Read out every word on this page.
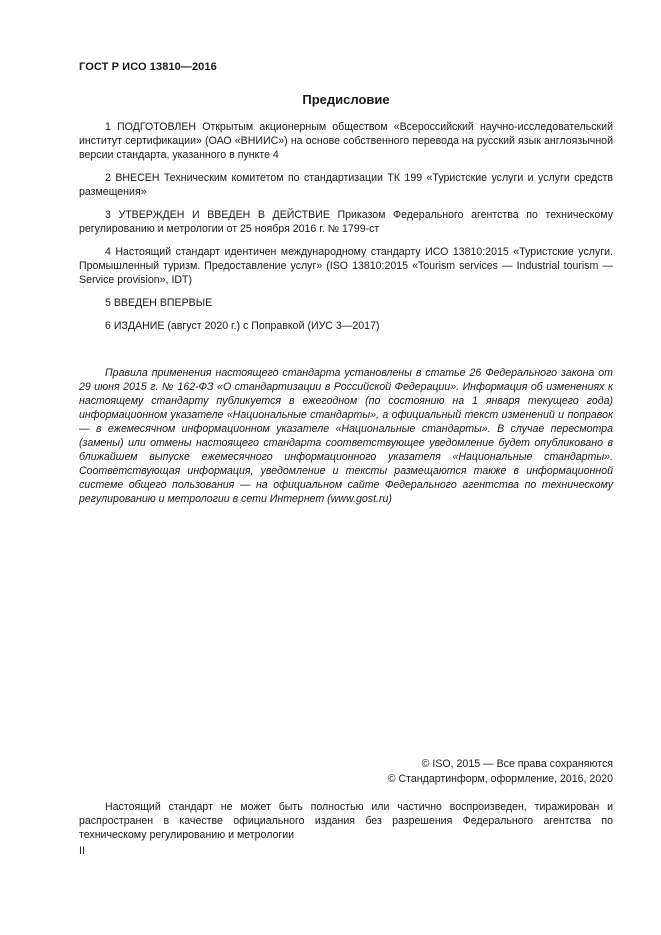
ГОСТ Р ИСО 13810—2016
Предисловие

1 ПОДГОТОВЛЕН Открытым акционерным обществом «Всероссийский научно-исследовательский институт сертификации» (ОАО «ВНИИС») на основе собственного перевода на русский язык англоязычной версии стандарта, указанного в пункте 4

2 ВНЕСЕН Техническим комитетом по стандартизации ТК 199 «Туристские услуги и услуги средств размещения»

3 УТВЕРЖДЕН И ВВЕДЕН В ДЕЙСТВИЕ Приказом Федерального агентства по техническому регулированию и метрологии от 25 ноября 2016 г. № 1799-ст

4 Настоящий стандарт идентичен международному стандарту ИСО 13810:2015 «Туристские услуги. Промышленный туризм. Предоставление услуг» (ISO 13810:2015 «Tourism services — Industrial tourism — Service provision», IDT)

5 ВВЕДЕН ВПЕРВЫЕ

6 ИЗДАНИЕ (август 2020 г.) с Поправкой (ИУС 3—2017)

Правила применения настоящего стандарта установлены в статье 26 Федерального закона от 29 июня 2015 г. № 162-ФЗ «О стандартизации в Российской Федерации». Информация об изменениях к настоящему стандарту публикуется в ежегодном (по состоянию на 1 января текущего года) информационном указателе «Национальные стандарты», а официальный текст изменений и поправок — в ежемесячном информационном указателе «Национальные стандарты». В случае пересмотра (замены) или отмены настоящего стандарта соответствующее уведомление будет опубликовано в ближайшем выпуске ежемесячного информационного указателя «Национальные стандарты». Соответствующая информация, уведомление и тексты размещаются также в информационной системе общего пользования — на официальном сайте Федерального агентства по техническому регулированию и метрологии в сети Интернет (www.gost.ru)

© ISO, 2015 — Все права сохраняются
© Стандартинформ, оформление, 2016, 2020

Настоящий стандарт не может быть полностью или частично воспроизведен, тиражирован и распространен в качестве официального издания без разрешения Федерального агентства по техническому регулированию и метрологии

II
